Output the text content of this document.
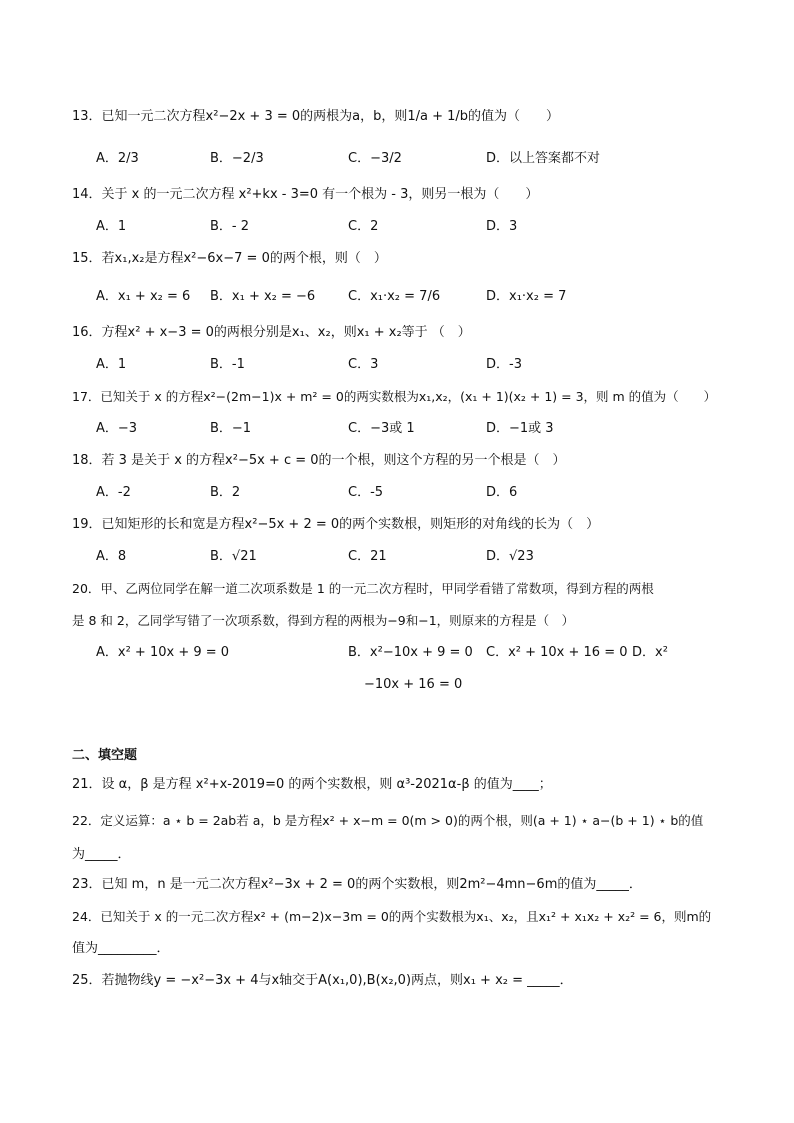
13．已知一元二次方程x²−2x + 3 = 0的两根为a，b，则1/a + 1/b的值为（　　）
A．2/3	B．−2/3	C．−3/2	D．以上答案都不对
14．关于 x 的一元二次方程 x²+kx - 3=0 有一个根为 - 3，则另一根为（　　）
A．1	B．- 2	C．2	D．3
15．若x₁,x₂是方程x²−6x−7 = 0的两个根，则（　）
A．x₁ + x₂ = 6 B．x₁ + x₂ = −6	C．x₁·x₂ = 7/6	D．x₁·x₂ = 7
16．方程x² + x−3 = 0的两根分别是x₁、x₂，则x₁ + x₂等于 （　）
A．1	B．-1	C．3	D．-3
17．已知关于 x 的方程x²−(2m−1)x + m² = 0的两实数根为x₁,x₂，(x₁ + 1)(x₂ + 1) = 3，则 m 的值为（　　）
A．−3	B．−1	C．−3或 1	D．−1或 3
18．若 3 是关于 x 的方程x²−5x + c = 0的一个根，则这个方程的另一个根是（　）
A．-2	B．2	C．-5	D．6
19．已知矩形的长和宽是方程x²−5x + 2 = 0的两个实数根，则矩形的对角线的长为（　）
A．8	B．√21	C．21	D．√23
20．甲、乙两位同学在解一道二次项系数是 1 的一元二次方程时，甲同学看错了常数项，得到方程的两根
是 8 和 2，乙同学写错了一次项系数，得到方程的两根为−9和−1，则原来的方程是（　）
A．x² + 10x + 9 = 0	B．x²−10x + 9 = 0 C．x² + 10x + 16 = 0 D．x²
−10x + 16 = 0
二、填空题
21．设 α，β 是方程 x²+x-2019=0 的两个实数根，则 α³-2021α-β 的值为____；
22．定义运算：a ⋆ b = 2ab若 a，b 是方程x² + x−m = 0(m > 0)的两个根，则(a + 1) ⋆ a−(b + 1) ⋆ b的值
为_____．
23．已知 m，n 是一元二次方程x²−3x + 2 = 0的两个实数根，则2m²−4mn−6m的值为_____．
24．已知关于 x 的一元二次方程x² + (m−2)x−3m = 0的两个实数根为x₁、x₂，且x₁² + x₁x₂ + x₂² = 6，则m的
值为_________．
25．若抛物线y = −x²−3x + 4与x轴交于A(x₁,0),B(x₂,0)两点，则x₁ + x₂ = _____．
